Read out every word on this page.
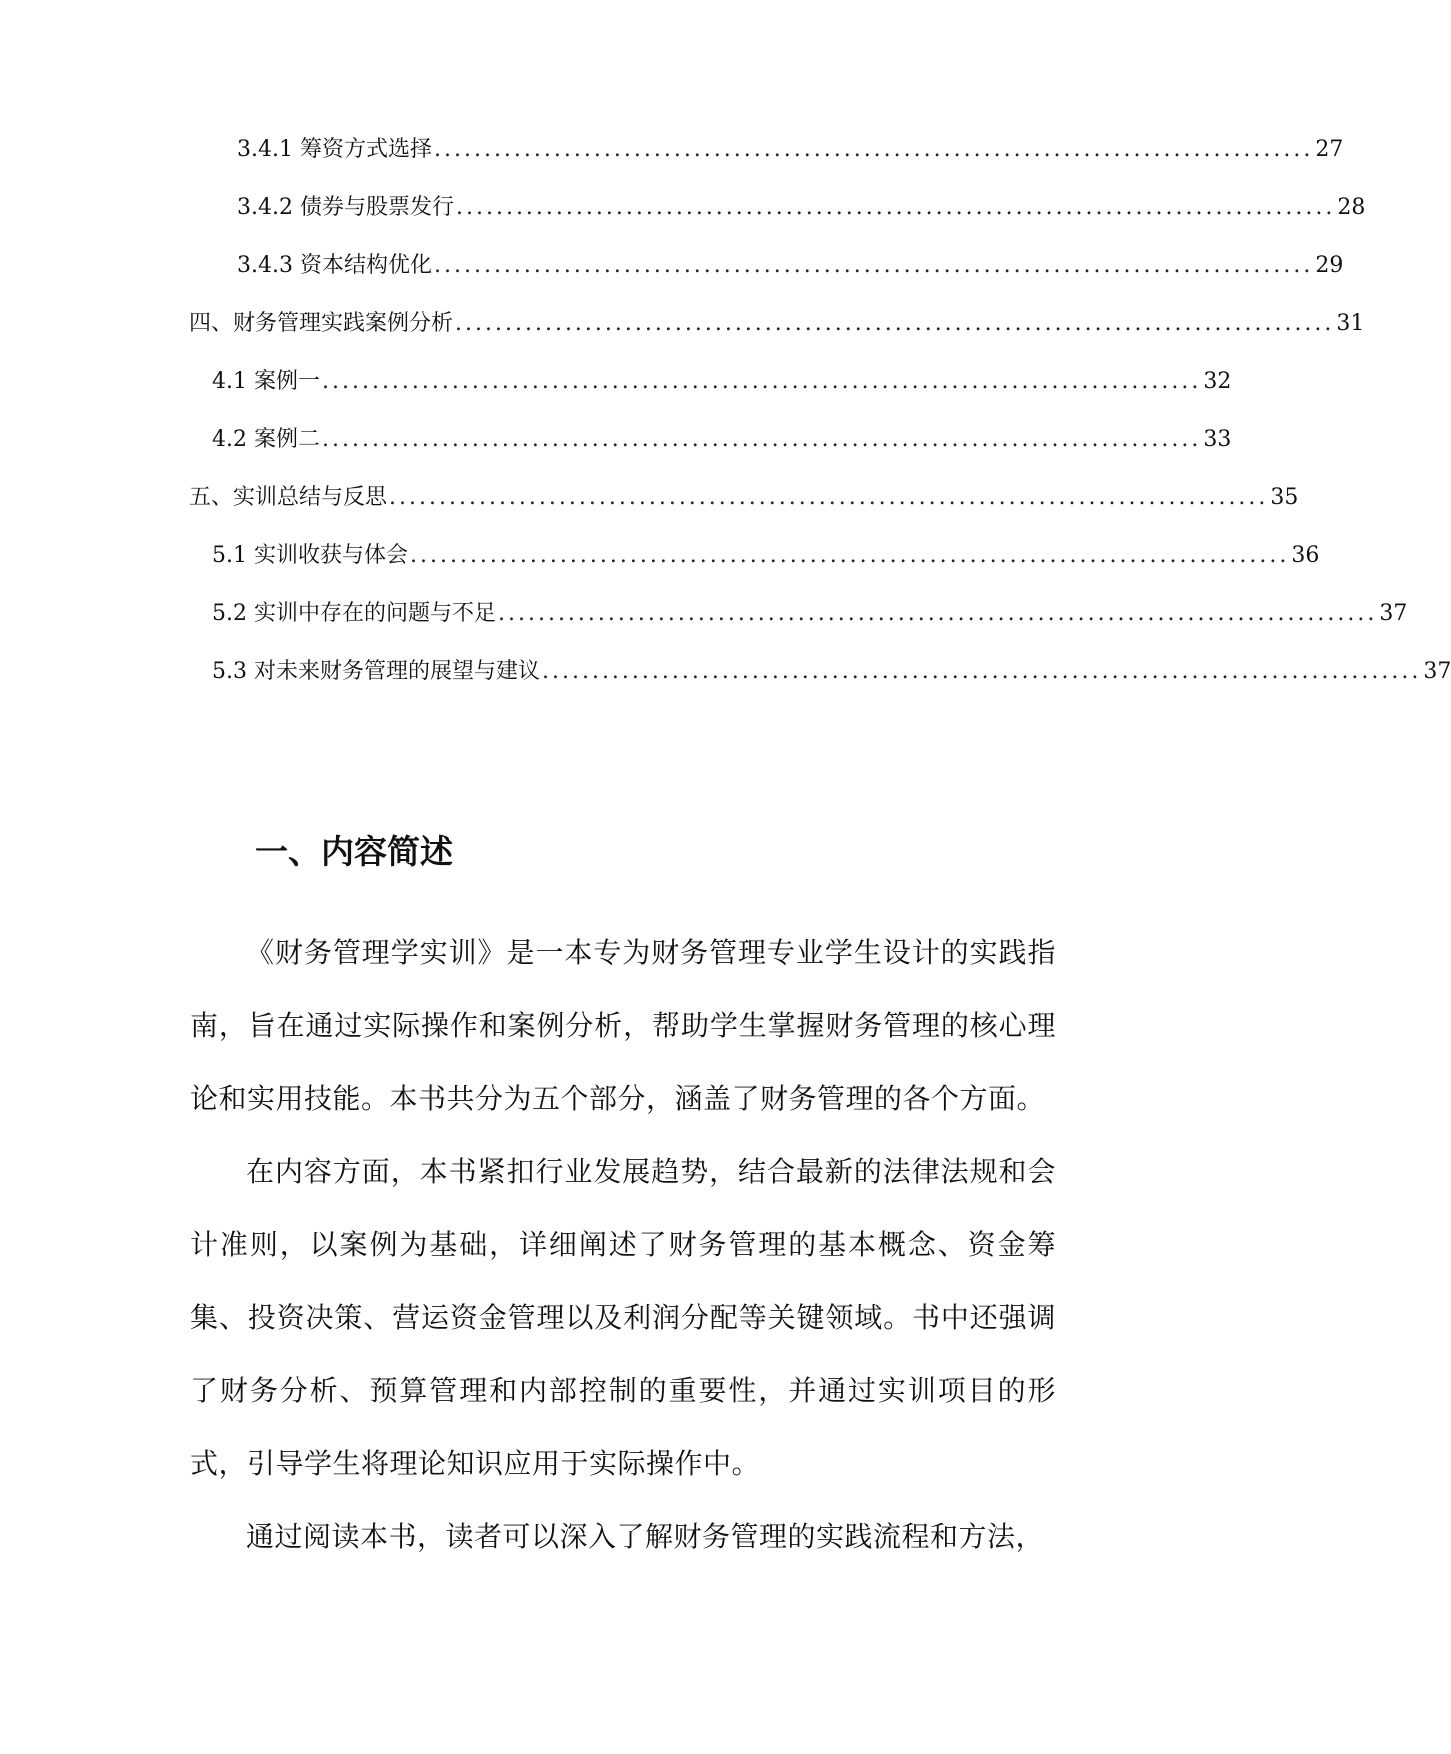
3.4.1 筹资方式选择 ........................................................................................ 27
3.4.2 债券与股票发行 ........................................................................................ 28
3.4.3 资本结构优化 ........................................................................................ 29
四、财务管理实践案例分析 ........................................................................................ 31
4.1 案例一 ........................................................................................ 32
4.2 案例二 ........................................................................................ 33
五、实训总结与反思 ........................................................................................ 35
5.1 实训收获与体会 ........................................................................................ 36
5.2 实训中存在的问题与不足 ........................................................................................ 37
5.3 对未来财务管理的展望与建议 ........................................................................................ 37
一、内容简述

《财务管理学实训》是一本专为财务管理专业学生设计的实践指南，旨在通过实际操作和案例分析，帮助学生掌握财务管理的核心理论和实用技能。本书共分为五个部分，涵盖了财务管理的各个方面。

在内容方面，本书紧扣行业发展趋势，结合最新的法律法规和会计准则，以案例为基础，详细阐述了财务管理的基本概念、资金筹集、投资决策、营运资金管理以及利润分配等关键领域。书中还强调了财务分析、预算管理和内部控制的重要性，并通过实训项目的形式，引导学生将理论知识应用于实际操作中。

通过阅读本书，读者可以深入了解财务管理的实践流程和方法，
